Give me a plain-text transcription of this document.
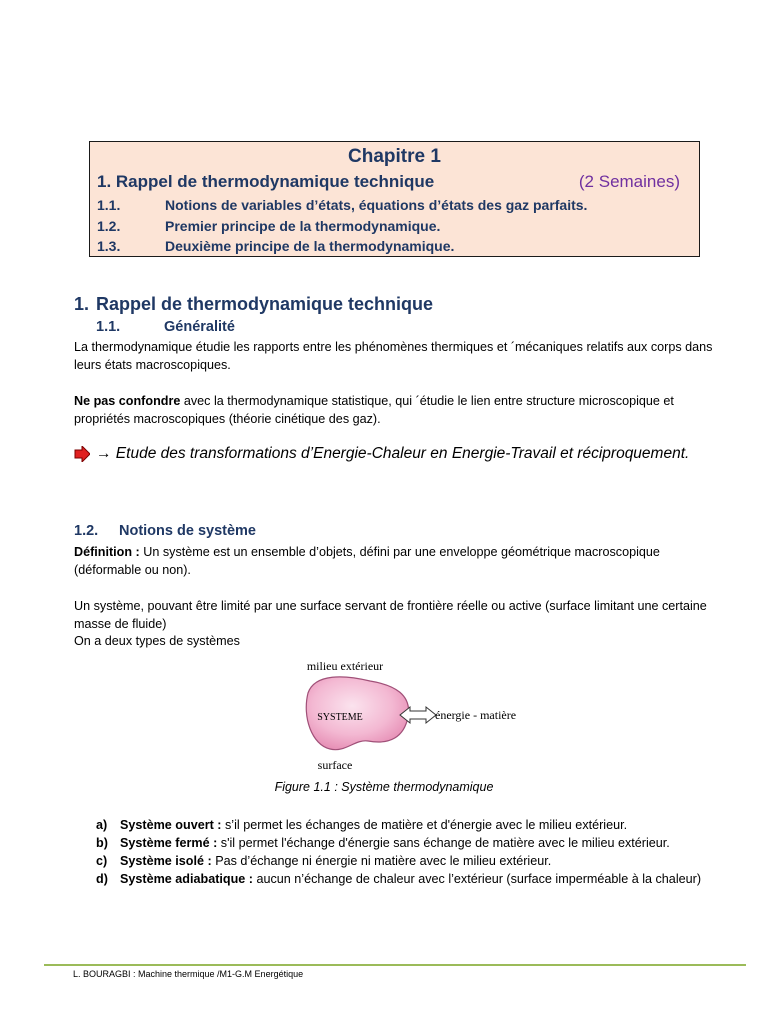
Chapitre 1
1. Rappel de thermodynamique technique	(2 Semaines)
1.1.	Notions de variables d’états, équations d’états des gaz parfaits.
1.2.	Premier principe de la thermodynamique.
1.3.	Deuxième principe de la thermodynamique.
1. Rappel de thermodynamique technique
1.1.	Généralité
La thermodynamique étudie les rapports entre les phénomènes thermiques et ´mécaniques relatifs aux corps dans leurs états macroscopiques.
Ne pas confondre avec la thermodynamique statistique, qui ´étudie le lien entre structure microscopique et propriétés macroscopiques (théorie cinétique des gaz).
→ Etude des transformations d’Energie-Chaleur en Energie-Travail et réciproquement.
1.2. Notions de système
Définition : Un système est un ensemble d’objets, défini par une enveloppe géométrique macroscopique (déformable ou non).
Un système, pouvant être limité par une surface servant de frontière réelle ou active (surface limitant une certaine masse de fluide)
On a deux types de systèmes
milieu extérieur
SYSTEME	énergie - matière
surface
Figure 1.1 : Système thermodynamique
a) Système ouvert : s’il permet les échanges de matière et d'énergie avec le milieu extérieur.
b) Système fermé : s'il permet l'échange d'énergie sans échange de matière avec le milieu extérieur.
c) Système isolé : Pas d’échange ni énergie ni matière avec le milieu extérieur.
d) Système adiabatique : aucun n’échange de chaleur avec l’extérieur (surface imperméable à la chaleur)
L. BOURAGBI : Machine thermique /M1-G.M Energétique
